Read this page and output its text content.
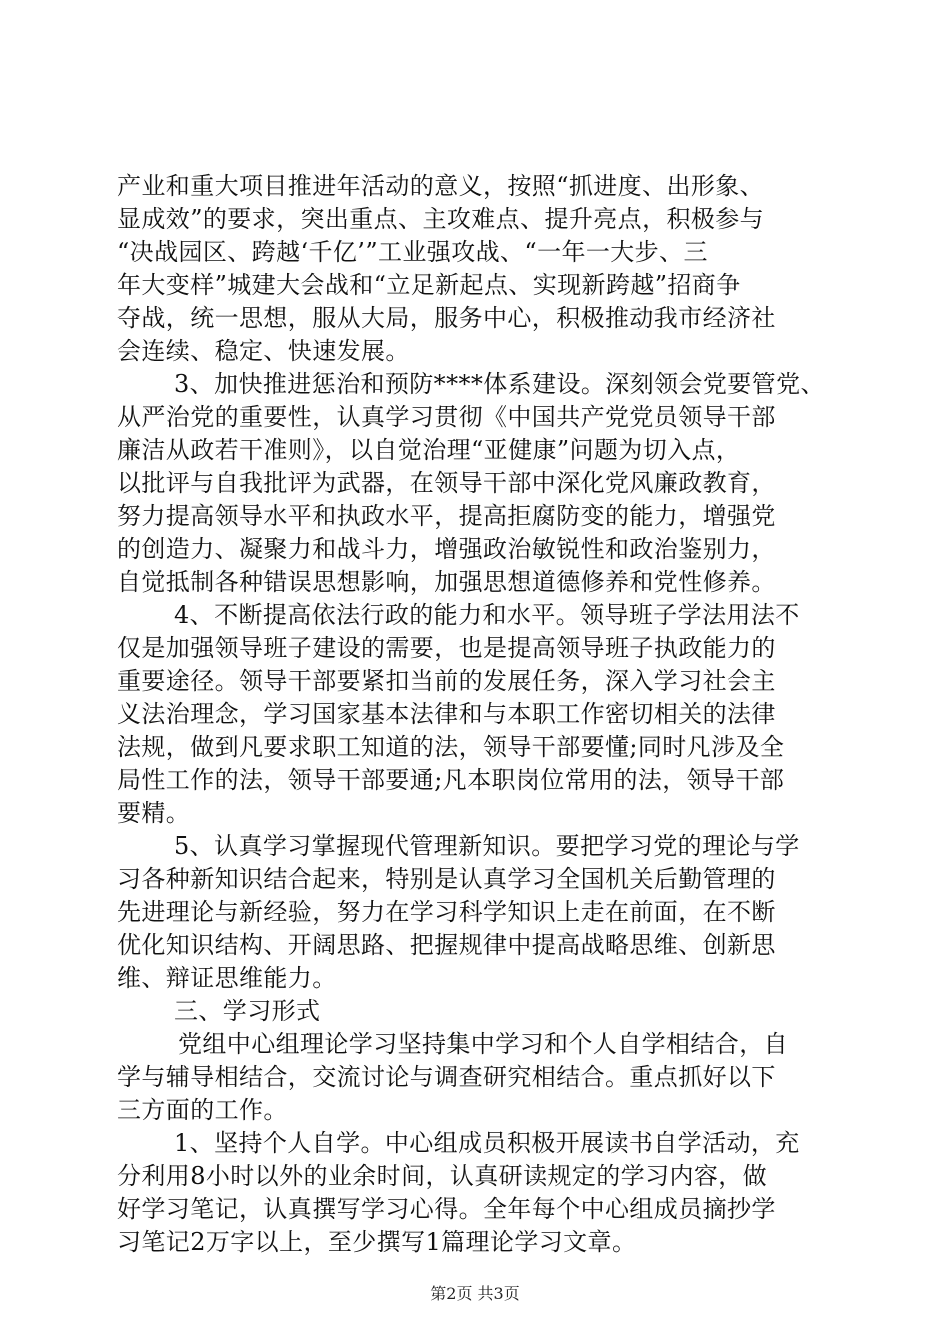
产业和重大项目推进年活动的意义，按照“抓进度、出形象、
显成效”的要求，突出重点、主攻难点、提升亮点，积极参与
“决战园区、跨越‘千亿’”工业强攻战、“一年一大步、三
年大变样”城建大会战和“立足新起点、实现新跨越”招商争
夺战，统一思想，服从大局，服务中心，积极推动我市经济社
会连续、稳定、快速发展。
3、加快推进惩治和预防****体系建设。深刻领会党要管党、
从严治党的重要性，认真学习贯彻《中国共产党党员领导干部
廉洁从政若干准则》，以自觉治理“亚健康”问题为切入点，
以批评与自我批评为武器，在领导干部中深化党风廉政教育，
努力提高领导水平和执政水平，提高拒腐防变的能力，增强党
的创造力、凝聚力和战斗力，增强政治敏锐性和政治鉴别力，
自觉抵制各种错误思想影响，加强思想道德修养和党性修养。
4、不断提高依法行政的能力和水平。领导班子学法用法不
仅是加强领导班子建设的需要，也是提高领导班子执政能力的
重要途径。领导干部要紧扣当前的发展任务，深入学习社会主
义法治理念，学习国家基本法律和与本职工作密切相关的法律
法规，做到凡要求职工知道的法，领导干部要懂;同时凡涉及全
局性工作的法，领导干部要通;凡本职岗位常用的法，领导干部
要精。
5、认真学习掌握现代管理新知识。要把学习党的理论与学
习各种新知识结合起来，特别是认真学习全国机关后勤管理的
先进理论与新经验，努力在学习科学知识上走在前面，在不断
优化知识结构、开阔思路、把握规律中提高战略思维、创新思
维、辩证思维能力。
三、学习形式
党组中心组理论学习坚持集中学习和个人自学相结合，自
学与辅导相结合，交流讨论与调查研究相结合。重点抓好以下
三方面的工作。
1、坚持个人自学。中心组成员积极开展读书自学活动，充
分利用8小时以外的业余时间，认真研读规定的学习内容，做
好学习笔记，认真撰写学习心得。全年每个中心组成员摘抄学
习笔记2万字以上，至少撰写1篇理论学习文章。
第2页 共3页
